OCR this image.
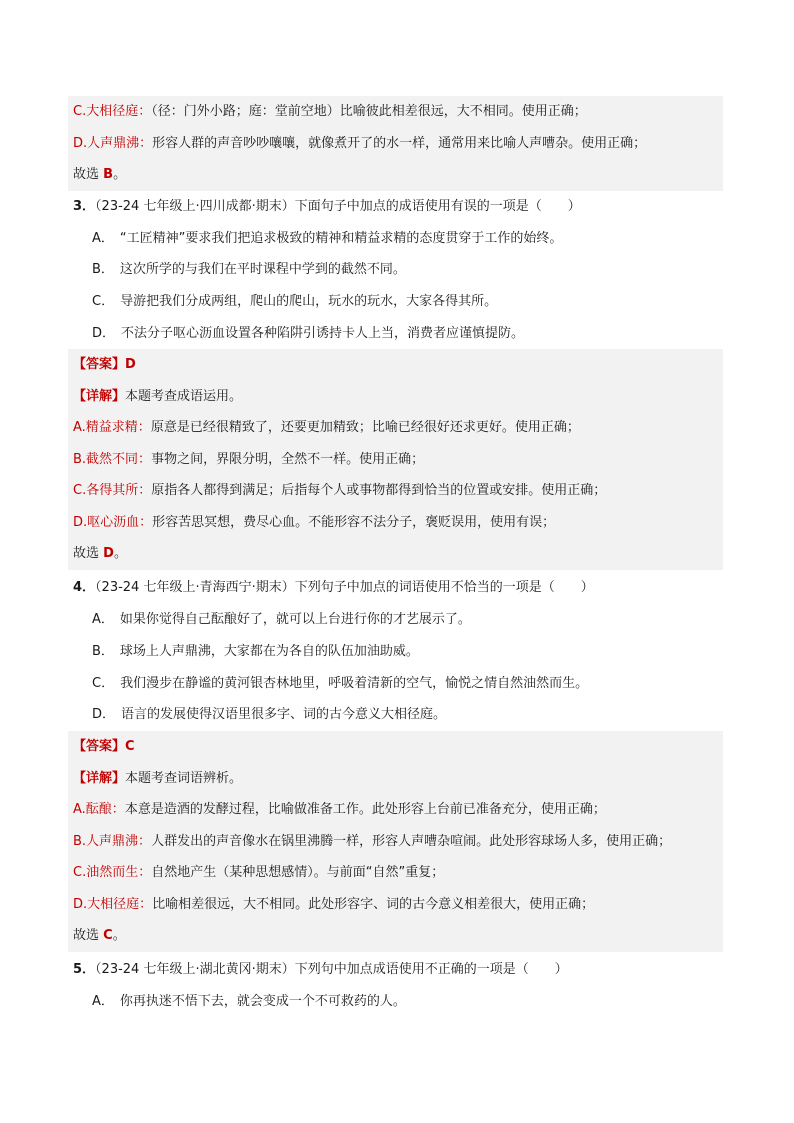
C.大相径庭：（径：门外小路；庭：堂前空地）比喻彼此相差很远，大不相同。使用正确；
D.人声鼎沸：形容人群的声音吵吵嚷嚷，就像煮开了的水一样，通常用来比喻人声嘈杂。使用正确；
故选 B。
3．（23-24 七年级上·四川成都·期末）下面句子中加点的成语使用有误的一项是（　　）
A． “工匠精神”要求我们把追求极致的精神和精益求精的态度贯穿于工作的始终。
B． 这次所学的与我们在平时课程中学到的截然不同。
C． 导游把我们分成两组，爬山的爬山，玩水的玩水，大家各得其所。
D． 不法分子呕心沥血设置各种陷阱引诱持卡人上当，消费者应谨慎提防。
【答案】D
【详解】本题考查成语运用。
A.精益求精：原意是已经很精致了，还要更加精致；比喻已经很好还求更好。使用正确；
B.截然不同：事物之间，界限分明，全然不一样。使用正确；
C.各得其所：原指各人都得到满足；后指每个人或事物都得到恰当的位置或安排。使用正确；
D.呕心沥血：形容苦思冥想，费尽心血。不能形容不法分子，褒贬误用，使用有误；
故选 D。
4．（23-24 七年级上·青海西宁·期末）下列句子中加点的词语使用不恰当的一项是（　　）
A． 如果你觉得自己酝酿好了，就可以上台进行你的才艺展示了。
B． 球场上人声鼎沸，大家都在为各自的队伍加油助威。
C． 我们漫步在静谧的黄河银杏林地里，呼吸着清新的空气，愉悦之情自然油然而生。
D． 语言的发展使得汉语里很多字、词的古今意义大相径庭。
【答案】C
【详解】本题考查词语辨析。
A.酝酿：本意是造酒的发酵过程，比喻做准备工作。此处形容上台前已准备充分，使用正确；
B.人声鼎沸：人群发出的声音像水在锅里沸腾一样，形容人声嘈杂喧闹。此处形容球场人多，使用正确；
C.油然而生：自然地产生（某种思想感情）。与前面“自然”重复；
D.大相径庭：比喻相差很远，大不相同。此处形容字、词的古今意义相差很大，使用正确；
故选 C。
5．（23-24 七年级上·湖北黄冈·期末）下列句中加点成语使用不正确的一项是（　　）
A． 你再执迷不悟下去，就会变成一个不可救药的人。
